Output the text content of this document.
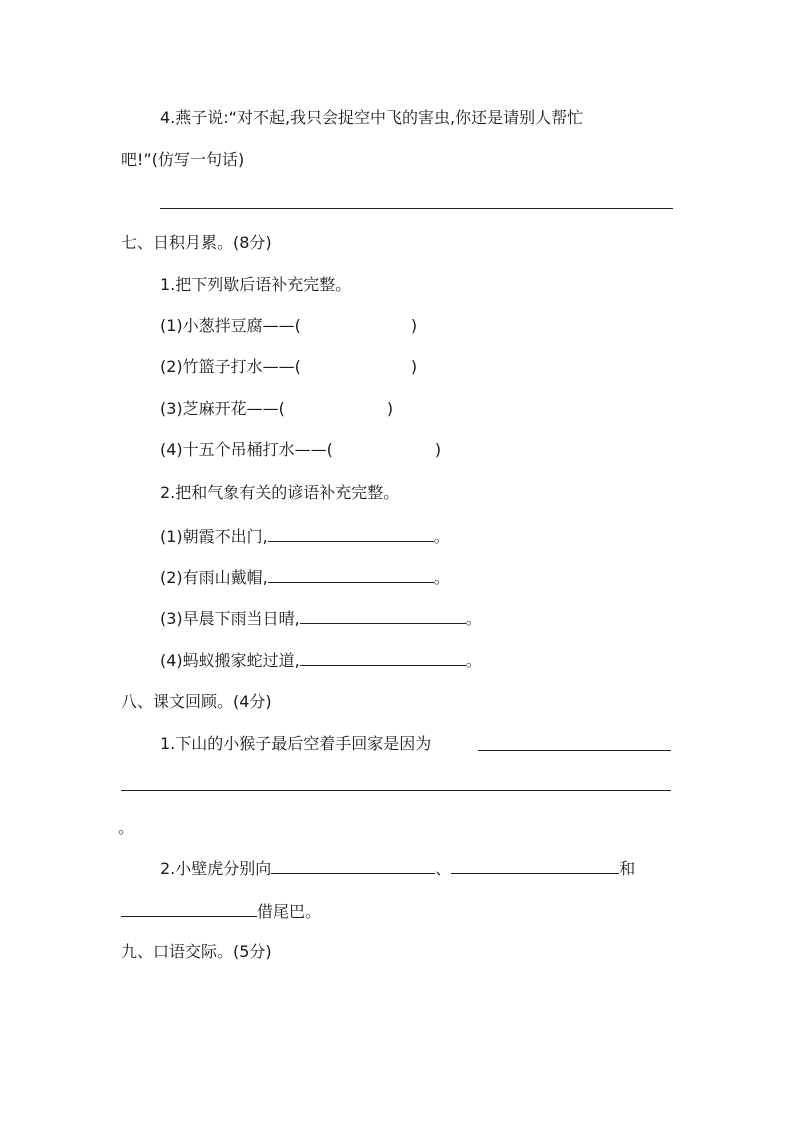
4.燕子说:“对不起,我只会捉空中飞的害虫,你还是请别人帮忙
吧!”(仿写一句话)
七、日积月累。(8分)
1.把下列歇后语补充完整。
(1)小葱拌豆腐——(	)
(2)竹篮子打水——(	)
(3)芝麻开花——(	)
(4)十五个吊桶打水——(	)
2.把和气象有关的谚语补充完整。
(1)朝霞不出门,	。
(2)有雨山戴帽,	。
(3)早晨下雨当日晴,	。
(4)蚂蚁搬家蛇过道,	。
八、课文回顾。(4分)
1.下山的小猴子最后空着手回家是因为
。
2.小壁虎分别向	、	和
借尾巴。
九、口语交际。(5分)
